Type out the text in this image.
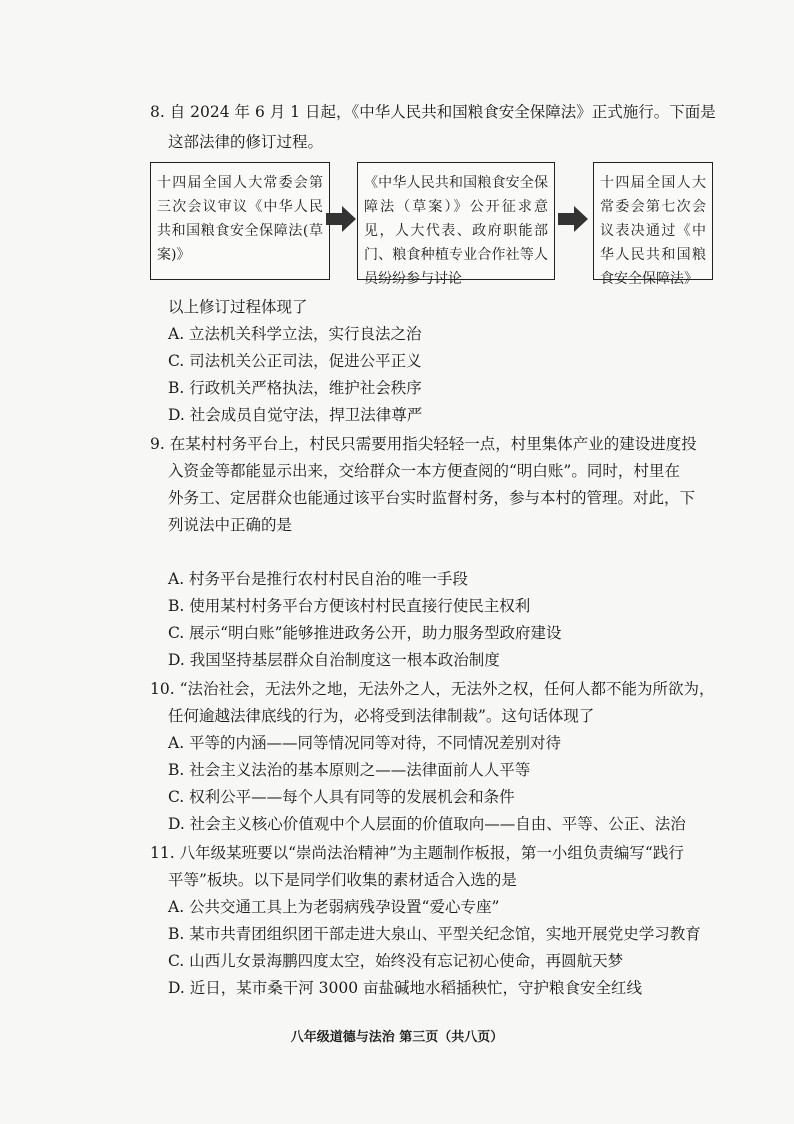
8. 自 2024 年 6 月 1 日起，《中华人民共和国粮食安全保障法》正式施行。下面是
这部法律的修订过程。
十四届全国人大常委会第三次会议审议《中华人民共和国粮食安全保障法(草案)》
《中华人民共和国粮食安全保障法（草案）》公开征求意见，人大代表、政府职能部门、粮食种植专业合作社等人员纷纷参与讨论
十四届全国人大常委会第七次会议表决通过《中华人民共和国粮食安全保障法》
以上修订过程体现了
A. 立法机关科学立法，实行良法之治
C. 司法机关公正司法，促进公平正义
B. 行政机关严格执法，维护社会秩序
D. 社会成员自觉守法，捍卫法律尊严
9. 在某村村务平台上，村民只需要用指尖轻轻一点，村里集体产业的建设进度投
入资金等都能显示出来，交给群众一本方便查阅的“明白账”。同时，村里在
外务工、定居群众也能通过该平台实时监督村务，参与本村的管理。对此，下
列说法中正确的是
A. 村务平台是推行农村村民自治的唯一手段
B. 使用某村村务平台方便该村村民直接行使民主权利
C. 展示“明白账”能够推进政务公开，助力服务型政府建设
D. 我国坚持基层群众自治制度这一根本政治制度
10. “法治社会，无法外之地，无法外之人，无法外之权，任何人都不能为所欲为，
任何逾越法律底线的行为，必将受到法律制裁”。这句话体现了
A. 平等的内涵——同等情况同等对待，不同情况差别对待
B. 社会主义法治的基本原则之——法律面前人人平等
C. 权利公平——每个人具有同等的发展机会和条件
D. 社会主义核心价值观中个人层面的价值取向——自由、平等、公正、法治
11. 八年级某班要以“崇尚法治精神”为主题制作板报，第一小组负责编写“践行
平等”板块。以下是同学们收集的素材适合入选的是
A. 公共交通工具上为老弱病残孕设置“爱心专座”
B. 某市共青团组织团干部走进大泉山、平型关纪念馆，实地开展党史学习教育
C. 山西儿女景海鹏四度太空，始终没有忘记初心使命，再圆航天梦
D. 近日，某市桑干河 3000 亩盐碱地水稻插秧忙，守护粮食安全红线
八年级道德与法治 第三页（共八页）
